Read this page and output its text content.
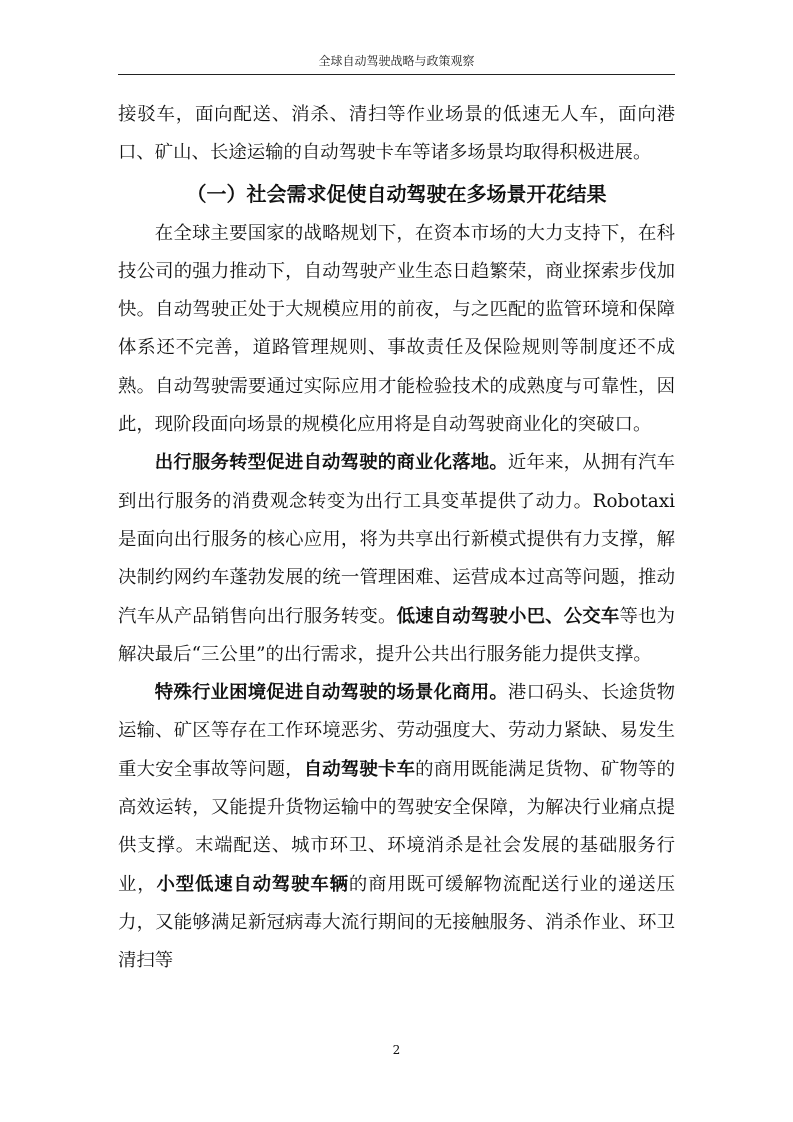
全球自动驾驶战略与政策观察

接驳车，面向配送、消杀、清扫等作业场景的低速无人车，面向港口、矿山、长途运输的自动驾驶卡车等诸多场景均取得积极进展。

（一）社会需求促使自动驾驶在多场景开花结果

在全球主要国家的战略规划下，在资本市场的大力支持下，在科技公司的强力推动下，自动驾驶产业生态日趋繁荣，商业探索步伐加快。自动驾驶正处于大规模应用的前夜，与之匹配的监管环境和保障体系还不完善，道路管理规则、事故责任及保险规则等制度还不成熟。自动驾驶需要通过实际应用才能检验技术的成熟度与可靠性，因此，现阶段面向场景的规模化应用将是自动驾驶商业化的突破口。

出行服务转型促进自动驾驶的商业化落地。近年来，从拥有汽车到出行服务的消费观念转变为出行工具变革提供了动力。Robotaxi是面向出行服务的核心应用，将为共享出行新模式提供有力支撑，解决制约网约车蓬勃发展的统一管理困难、运营成本过高等问题，推动汽车从产品销售向出行服务转变。低速自动驾驶小巴、公交车等也为解决最后“三公里”的出行需求，提升公共出行服务能力提供支撑。

特殊行业困境促进自动驾驶的场景化商用。港口码头、长途货物运输、矿区等存在工作环境恶劣、劳动强度大、劳动力紧缺、易发生重大安全事故等问题，自动驾驶卡车的商用既能满足货物、矿物等的高效运转，又能提升货物运输中的驾驶安全保障，为解决行业痛点提供支撑。末端配送、城市环卫、环境消杀是社会发展的基础服务行业，小型低速自动驾驶车辆的商用既可缓解物流配送行业的递送压力，又能够满足新冠病毒大流行期间的无接触服务、消杀作业、环卫清扫等

2
